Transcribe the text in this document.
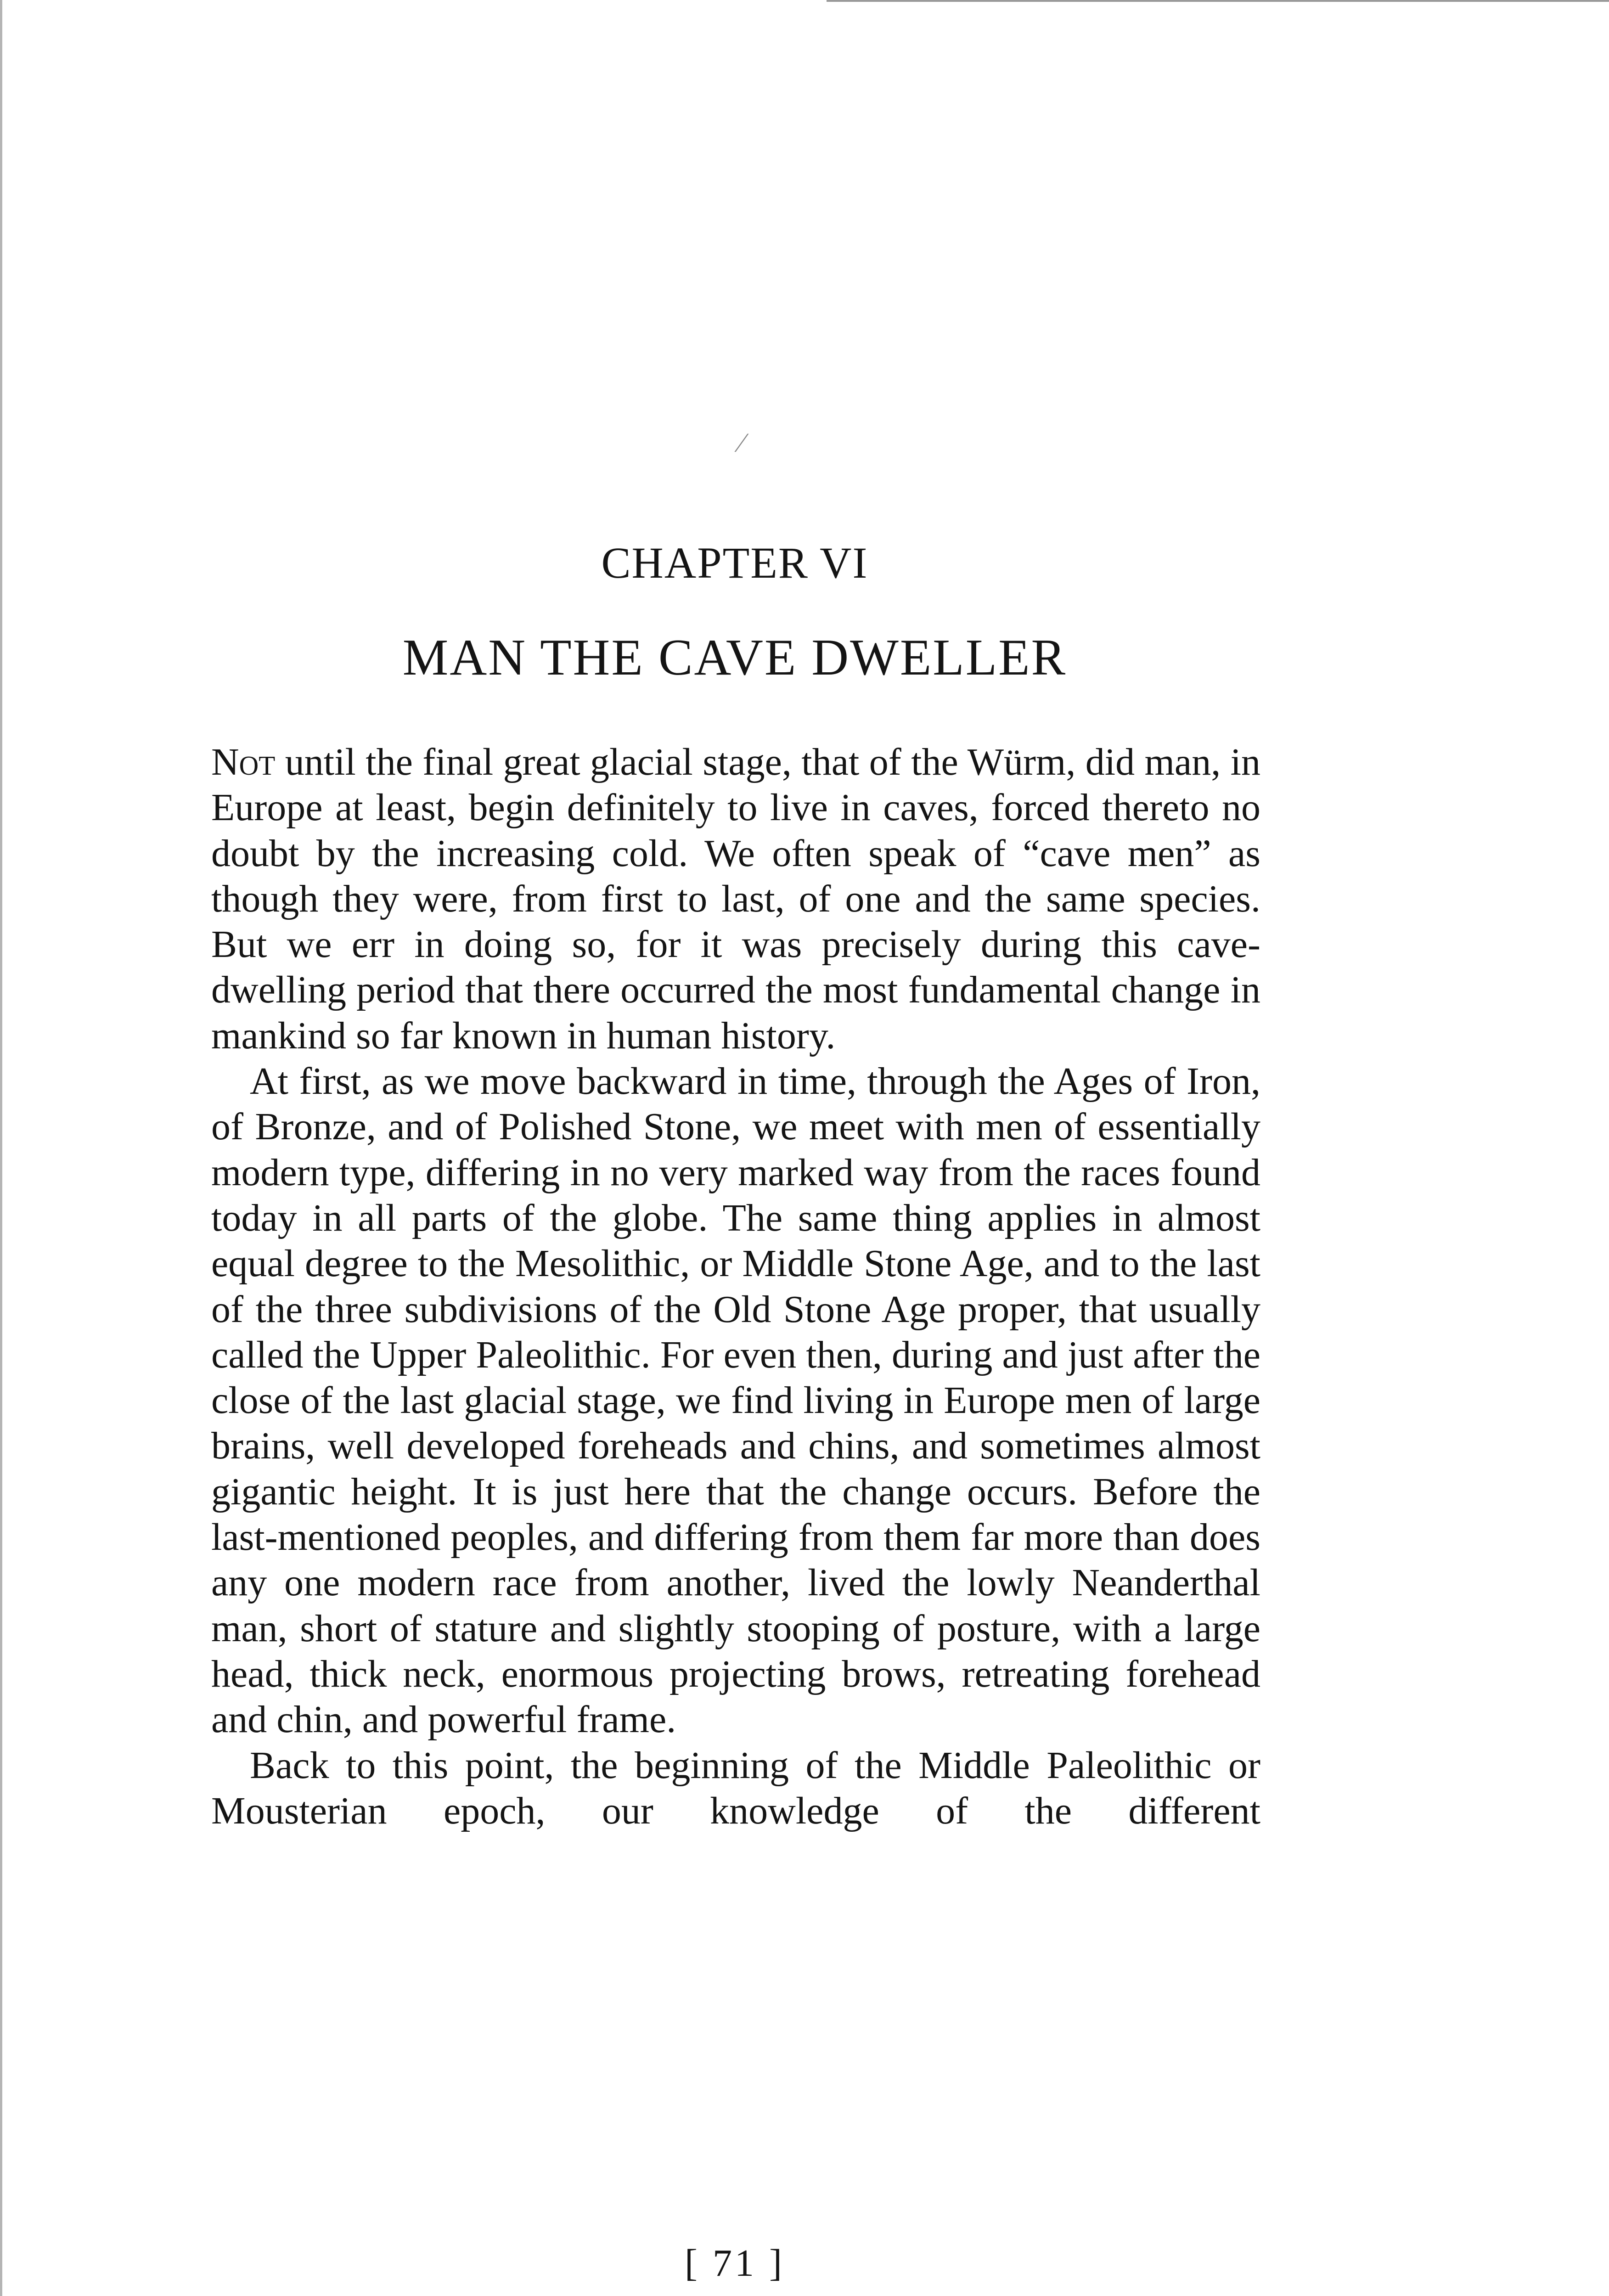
⁄
CHAPTER VI
MAN THE CAVE DWELLER

Not until the final great glacial stage, that of the Würm, did man, in Europe at least, begin definitely to live in caves, forced thereto no doubt by the increasing cold. We often speak of “cave men” as though they were, from first to last, of one and the same species. But we err in doing so, for it was precisely during this cave-dwelling period that there occurred the most fundamental change in mankind so far known in human history.

At first, as we move backward in time, through the Ages of Iron, of Bronze, and of Polished Stone, we meet with men of essentially modern type, differing in no very marked way from the races found today in all parts of the globe. The same thing applies in almost equal degree to the Mesolithic, or Middle Stone Age, and to the last of the three subdivisions of the Old Stone Age proper, that usually called the Upper Paleolithic. For even then, during and just after the close of the last glacial stage, we find living in Europe men of large brains, well developed foreheads and chins, and sometimes almost gigantic height. It is just here that the change occurs. Before the last-mentioned peoples, and differing from them far more than does any one modern race from another, lived the lowly Neanderthal man, short of stature and slightly stooping of posture, with a large head, thick neck, enormous projecting brows, retreating forehead and chin, and powerful frame.

Back to this point, the beginning of the Middle Paleolithic or Mousterian epoch, our knowledge of the different

[ 71 ]
